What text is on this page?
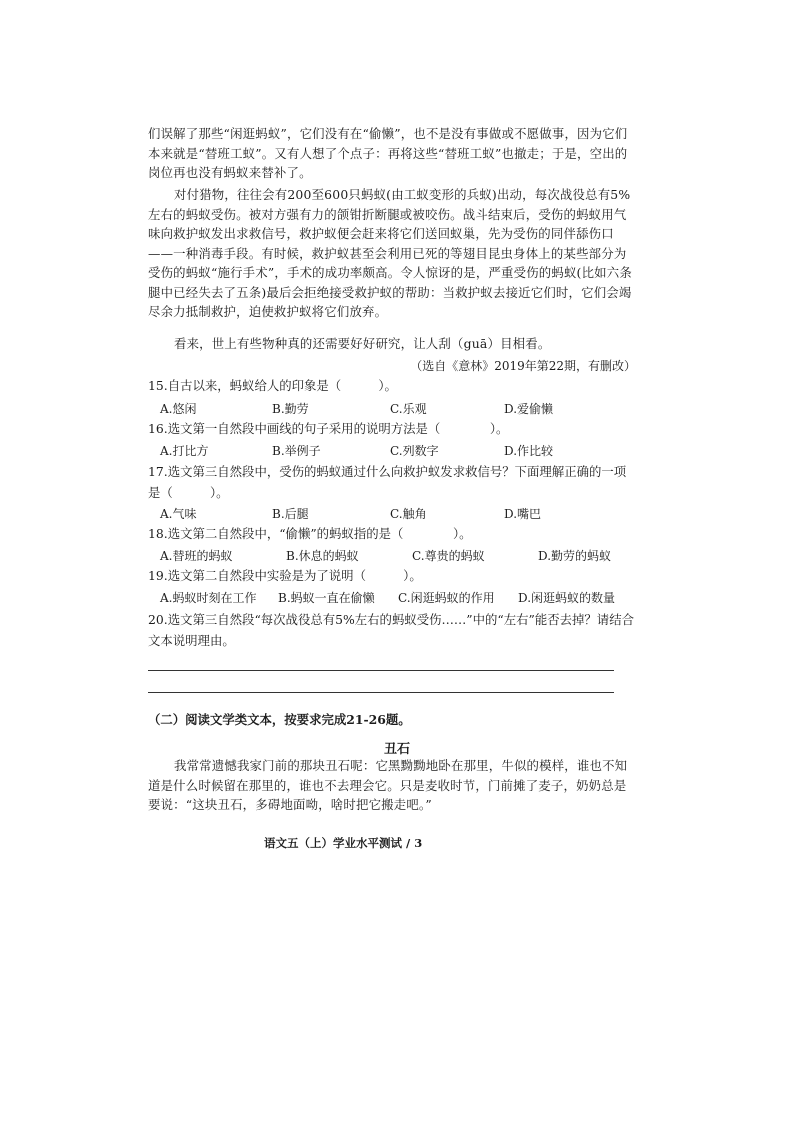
们误解了那些“闲逛蚂蚁”，它们没有在“偷懒”，也不是没有事做或不愿做事，因为它们本来就是“替班工蚁”。又有人想了个点子：再将这些“替班工蚁”也撤走；于是，空出的岗位再也没有蚂蚁来替补了。

对付猎物，往往会有200至600只蚂蚁(由工蚁变形的兵蚁)出动，每次战役总有5%左右的蚂蚁受伤。被对方强有力的颌钳折断腿或被咬伤。战斗结束后，受伤的蚂蚁用气味向救护蚁发出求救信号，救护蚁便会赶来将它们送回蚁巢，先为受伤的同伴舔伤口——一种消毒手段。有时候，救护蚁甚至会利用已死的等翅目昆虫身体上的某些部分为受伤的蚂蚁“施行手术”，手术的成功率颇高。令人惊讶的是，严重受伤的蚂蚁(比如六条腿中已经失去了五条)最后会拒绝接受救护蚁的帮助：当救护蚁去接近它们时，它们会竭尽余力抵制救护，迫使救护蚁将它们放弃。

看来，世上有些物种真的还需要好好研究，让人刮（guā）目相看。

（选自《意林》2019年第22期，有删改）
15.自古以来，蚂蚁给人的印象是（　　　）。
A.悠闲	B.勤劳	C.乐观	D.爱偷懒
16.选文第一自然段中画线的句子采用的说明方法是（　　　　）。
A.打比方	B.举例子	C.列数字	D.作比较
17.选文第三自然段中，受伤的蚂蚁通过什么向救护蚁发求救信号？下面理解正确的一项是（　　　）。
A.气味	B.后腿	C.触角	D.嘴巴
18.选文第二自然段中，“偷懒”的蚂蚁指的是（　　　　）。
A.替班的蚂蚁	B.休息的蚂蚁	C.尊贵的蚂蚁	D.勤劳的蚂蚁
19.选文第二自然段中实验是为了说明（　　　）。
A.蚂蚁时刻在工作 B.蚂蚁一直在偷懒 C.闲逛蚂蚁的作用 D.闲逛蚂蚁的数量
20.选文第三自然段“每次战役总有5%左右的蚂蚁受伤……”中的“左右”能否去掉？请结合文本说明理由。
（二）阅读文学类文本，按要求完成21-26题。
丑石

我常常遗憾我家门前的那块丑石呢：它黑黝黝地卧在那里，牛似的模样，谁也不知道是什么时候留在那里的，谁也不去理会它。只是麦收时节，门前摊了麦子，奶奶总是要说：“这块丑石，多碍地面呦，啥时把它搬走吧。”

语文五（上）学业水平测试 / 3
